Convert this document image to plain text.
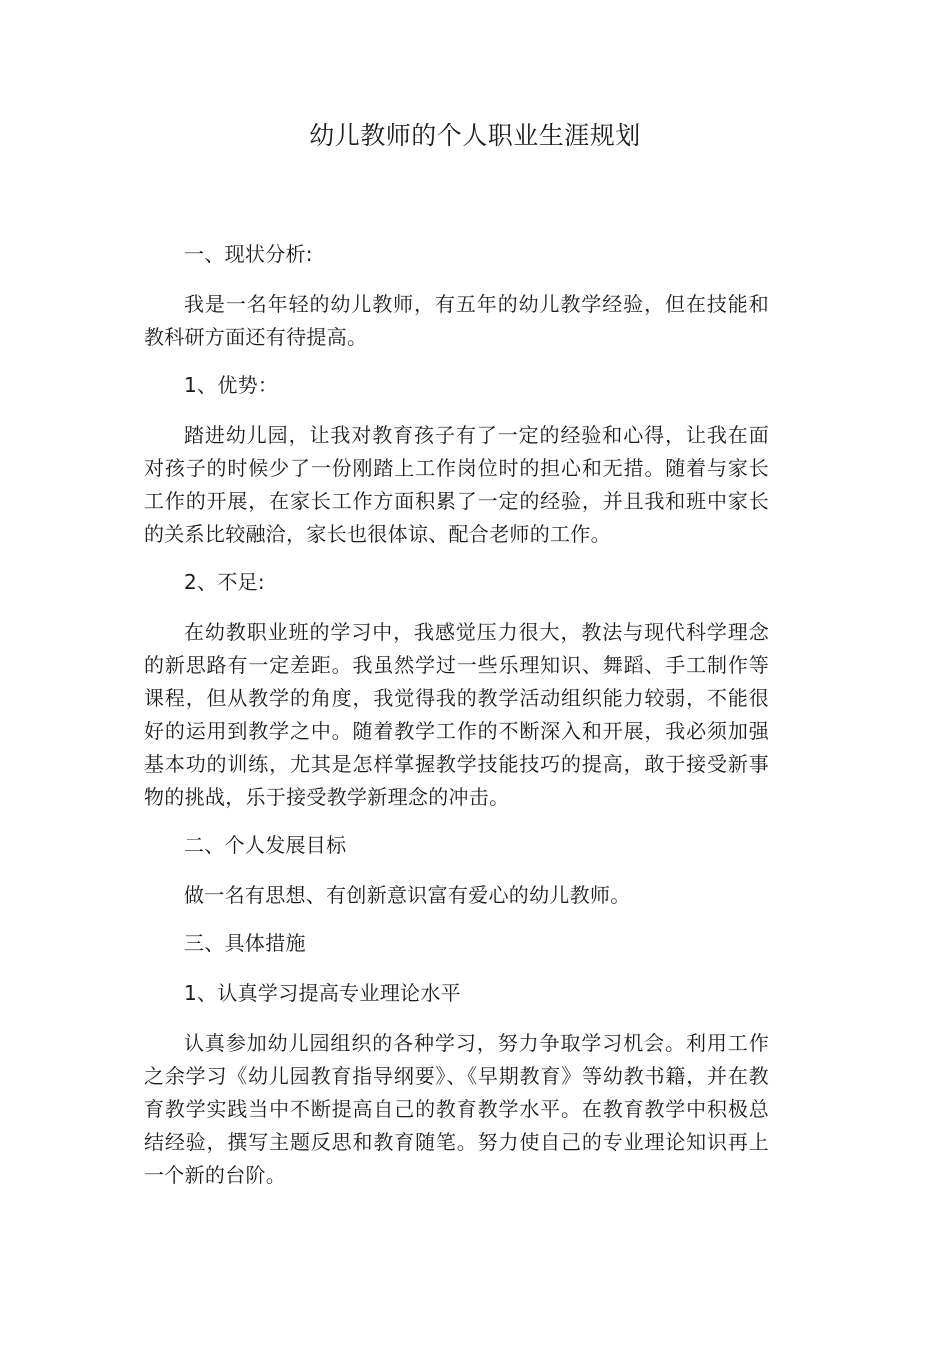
幼儿教师的个人职业生涯规划

一、现状分析:

我是一名年轻的幼儿教师，有五年的幼儿教学经验，但在技能和教科研方面还有待提高。

1、优势：

踏进幼儿园，让我对教育孩子有了一定的经验和心得，让我在面对孩子的时候少了一份刚踏上工作岗位时的担心和无措。随着与家长工作的开展，在家长工作方面积累了一定的经验，并且我和班中家长的关系比较融洽，家长也很体谅、配合老师的工作。

2、不足:

在幼教职业班的学习中，我感觉压力很大，教法与现代科学理念的新思路有一定差距。我虽然学过一些乐理知识、舞蹈、手工制作等课程，但从教学的角度，我觉得我的教学活动组织能力较弱，不能很好的运用到教学之中。随着教学工作的不断深入和开展，我必须加强基本功的训练，尤其是怎样掌握教学技能技巧的提高，敢于接受新事物的挑战，乐于接受教学新理念的冲击。

二、个人发展目标

做一名有思想、有创新意识富有爱心的幼儿教师。

三、具体措施

1、认真学习提高专业理论水平

认真参加幼儿园组织的各种学习，努力争取学习机会。利用工作之余学习《幼儿园教育指导纲要》、《早期教育》等幼教书籍，并在教育教学实践当中不断提高自己的教育教学水平。在教育教学中积极总结经验，撰写主题反思和教育随笔。努力使自己的专业理论知识再上一个新的台阶。
